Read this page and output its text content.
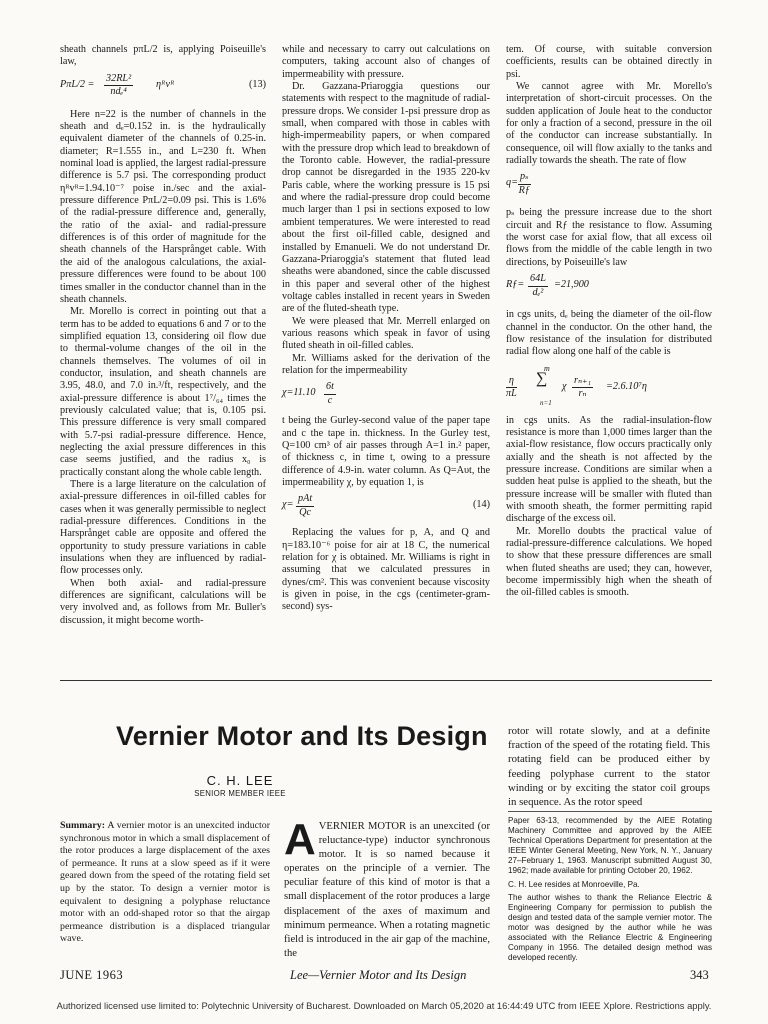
sheath channels pπL/2 is, applying Poiseuille's law,

PπL/2 =
32RL²
ndₑ⁴
ηᴿvᴿ	(13)

Here n=22 is the number of channels in the sheath and dₑ=0.152 in. is the hydraulically equivalent diameter of the channels of 0.25-in. diameter; R=1.555 in., and L=230 ft. When nominal load is applied, the largest radial-pressure difference is 5.7 psi. The corresponding product ηᴿvᴿ=1.94.10⁻⁷ poise in./sec and the axial-pressure difference PπL/2=0.09 psi. This is 1.6% of the radial-pressure difference and, generally, the ratio of the axial- and radial-pressure differences is of this order of magnitude for the sheath channels of the Harsprånget cable. With the aid of the analogous calculations, the axial-pressure differences were found to be about 100 times smaller in the conductor channel than in the sheath channels.

Mr. Morello is correct in pointing out that a term has to be added to equations 6 and 7 or to the simplified equation 13, considering oil flow due to thermal-volume changes of the oil in the channels themselves. The volumes of oil in conductor, insulation, and sheath channels are 3.95, 48.0, and 7.0 in.³/ft, respectively, and the axial-pressure difference is about 1⁷/₆₄ times the previously calculated value; that is, 0.105 psi. This pressure difference is very small compared with 5.7-psi radial-pressure difference. Hence, neglecting the axial pressure differences in this case seems justified, and the radius x₀ is practically constant along the whole cable length.

There is a large literature on the calculation of axial-pressure differences in oil-filled cables for cases when it was generally permissible to neglect radial-pressure differences. Conditions in the Harsprånget cable are opposite and offered the opportunity to study pressure variations in cable insulations when they are influenced by radial-flow processes only.

When both axial- and radial-pressure differences are significant, calculations will be very involved and, as follows from Mr. Buller's discussion, it might become worth-

while and necessary to carry out calculations on computers, taking account also of changes of impermeability with pressure.

Dr. Gazzana-Priaroggia questions our statements with respect to the magnitude of radial-pressure drops. We consider 1-psi pressure drop as small, when compared with those in cables with high-impermeability papers, or when compared with the pressure drop which lead to breakdown of the Toronto cable. However, the radial-pressure drop cannot be disregarded in the 1935 220-kv Paris cable, where the working pressure is 15 psi and where the radial-pressure drop could become much larger than 1 psi in sections exposed to low ambient temperatures. We were interested to read about the first oil-filled cable, designed and installed by Emanueli. We do not understand Dr. Gazzana-Priaroggia's statement that fluted lead sheaths were abandoned, since the cable discussed in this paper and several other of the highest voltage cables installed in recent years in Sweden are of the fluted-sheath type.

We were pleased that Mr. Merrell enlarged on various reasons which speak in favor of using fluted sheath in oil-filled cables.

Mr. Williams asked for the derivation of the relation for the impermeability

$\chi=11.10 \frac{6t}{c}$

t being the Gurley-second value of the paper tape and c the tape in. thickness. In the Gurley test, Q=100 cm³ of air passes through A=1 in.² paper, of thickness c, in time t, owing to a pressure difference of 4.9-in. water column. As Q=Aυt, the impermeability χ, by equation 1, is

χ=
pAt
Qc
(14)

Replacing the values for p, A, and Q and η=183.10⁻⁶ poise for air at 18 C, the numerical relation for χ is obtained. Mr. Williams is right in assuming that we calculated pressures in dynes/cm². This was convenient because viscosity is given in poise, in the cgs (centimeter-gram-second) sys-

tem. Of course, with suitable conversion coefficients, results can be obtained directly in psi.

We cannot agree with Mr. Morello's interpretation of short-circuit processes. On the sudden application of Joule heat to the conductor for only a fraction of a second, pressure in the oil of the conductor can increase substantially. In consequence, oil will flow axially to the tanks and radially towards the sheath. The rate of flow

$q= \frac{\text{pₛ}}{Rƒ}$

pₛ being the pressure increase due to the short circuit and Rƒ the resistance to flow. Assuming the worst case for axial flow, that all excess oil flows from the middle of the cable length in two directions, by Poiseuille's law

Rƒ= $\frac{64L}{\text{dₑ²}} =21,900$

in cgs units, dₑ being the diameter of the oil-flow channel in the conductor. On the other hand, the flow resistance of the insulation for distributed radial flow along one half of the cable is

m
$\frac{\eta}{\pi L}$ ∑
n=1
χ $\frac{\text{rₙ₊₁}}{\text{rₙ}} =2.6.10^7\eta$

in cgs units. As the radial-insulation-flow resistance is more than 1,000 times larger than the axial-flow resistance, flow occurs practically only axially and the sheath is not affected by the pressure increase. Conditions are similar when a sudden heat pulse is applied to the sheath, but the pressure increase will be smaller with fluted than with smooth sheath, the former permitting rapid discharge of the excess oil.

Mr. Morello doubts the practical value of radial-pressure-difference calculations. We hoped to show that these pressure differences are small when fluted sheaths are used; they can, however, become impermissibly high when the sheath of the oil-filled cables is smooth.

Vernier Motor and Its Design
C. H. LEE
SENIOR MEMBER IEEE
Summary: A vernier motor is an unexcited inductor synchronous motor in which a small displacement of the rotor produces a large displacement of the axes of permeance. It runs at a slow speed as if it were geared down from the speed of the rotating field set up by the stator. To design a vernier motor is equivalent to designing a polyphase reluctance motor with an odd-shaped rotor so that the airgap permeance distribution is a displaced triangular wave.
A VERNIER MOTOR is an unexcited (or reluctance-type) inductor synchronous motor. It is so named because it operates on the principle of a vernier. The peculiar feature of this kind of motor is that a small displacement of the rotor produces a large displacement of the axes of maximum and minimum permeance. When a rotating magnetic field is introduced in the air gap of the machine, the
rotor will rotate slowly, and at a definite fraction of the speed of the rotating field. This rotating field can be produced either by feeding polyphase current to the stator winding or by exciting the stator coil groups in sequence. As the rotor speed

Paper 63-13, recommended by the AIEE Rotating Machinery Committee and approved by the AIEE Technical Operations Department for presentation at the IEEE Winter General Meeting, New York, N. Y., January 27–February 1, 1963. Manuscript submitted August 30, 1962; made available for printing October 20, 1962.

C. H. Lee resides at Monroeville, Pa.

The author wishes to thank the Reliance Electric & Engineering Company for permission to publish the design and tested data of the sample vernier motor. The motor was designed by the author while he was associated with the Reliance Electric & Engineering Company in 1956. The detailed design method was developed recently.

JUNE 1963	Lee—Vernier Motor and Its Design	343
Authorized licensed use limited to: Polytechnic University of Bucharest. Downloaded on March 05,2020 at 16:44:49 UTC from IEEE Xplore. Restrictions apply.
